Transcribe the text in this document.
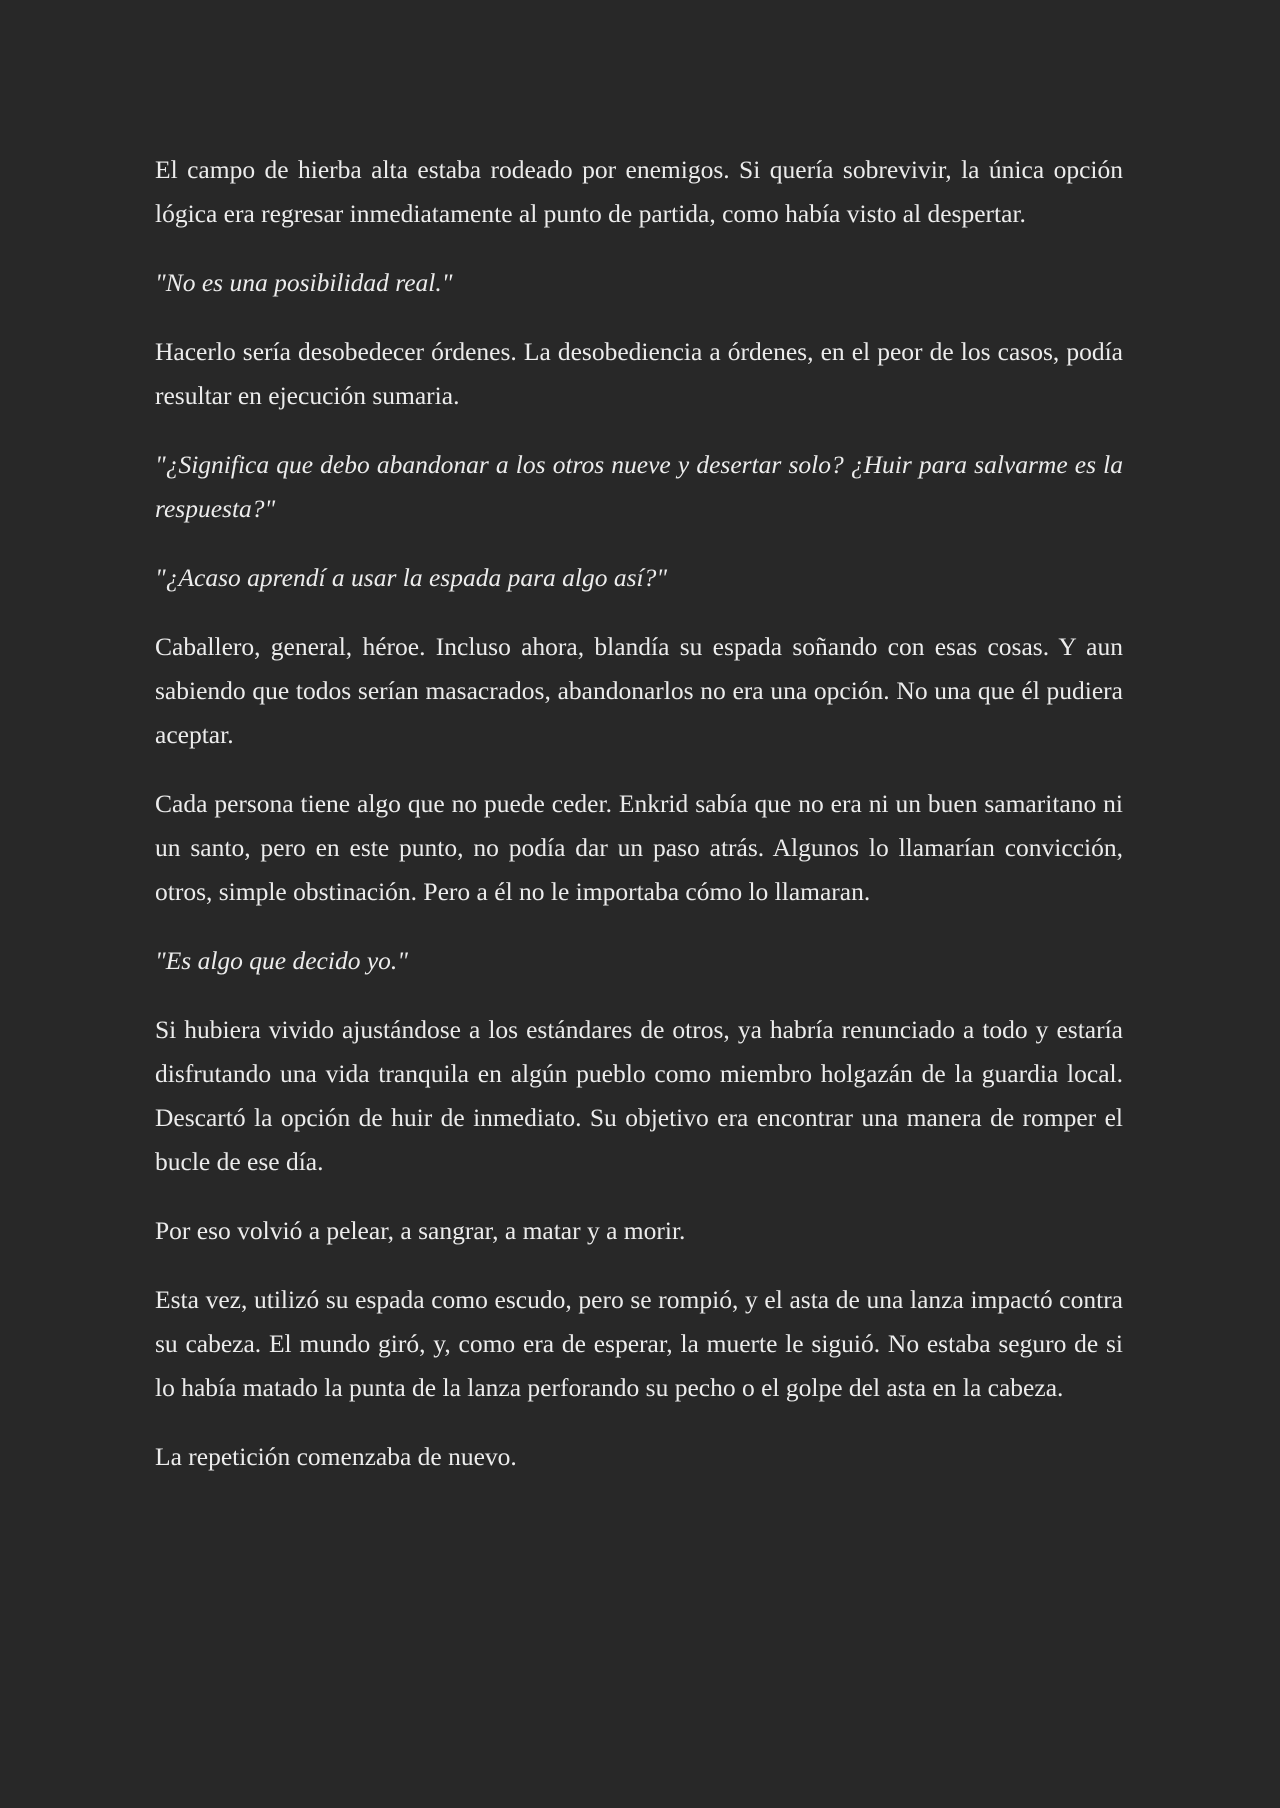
El campo de hierba alta estaba rodeado por enemigos. Si quería sobrevivir, la única opción lógica era regresar inmediatamente al punto de partida, como había visto al despertar.

"No es una posibilidad real."

Hacerlo sería desobedecer órdenes. La desobediencia a órdenes, en el peor de los casos, podía resultar en ejecución sumaria.

"¿Significa que debo abandonar a los otros nueve y desertar solo? ¿Huir para salvarme es la respuesta?"

"¿Acaso aprendí a usar la espada para algo así?"

Caballero, general, héroe. Incluso ahora, blandía su espada soñando con esas cosas. Y aun sabiendo que todos serían masacrados, abandonarlos no era una opción. No una que él pudiera aceptar.

Cada persona tiene algo que no puede ceder. Enkrid sabía que no era ni un buen samaritano ni un santo, pero en este punto, no podía dar un paso atrás. Algunos lo llamarían convicción, otros, simple obstinación. Pero a él no le importaba cómo lo llamaran.

"Es algo que decido yo."

Si hubiera vivido ajustándose a los estándares de otros, ya habría renunciado a todo y estaría disfrutando una vida tranquila en algún pueblo como miembro holgazán de la guardia local. Descartó la opción de huir de inmediato. Su objetivo era encontrar una manera de romper el bucle de ese día.

Por eso volvió a pelear, a sangrar, a matar y a morir.

Esta vez, utilizó su espada como escudo, pero se rompió, y el asta de una lanza impactó contra su cabeza. El mundo giró, y, como era de esperar, la muerte le siguió. No estaba seguro de si lo había matado la punta de la lanza perforando su pecho o el golpe del asta en la cabeza.

La repetición comenzaba de nuevo.
